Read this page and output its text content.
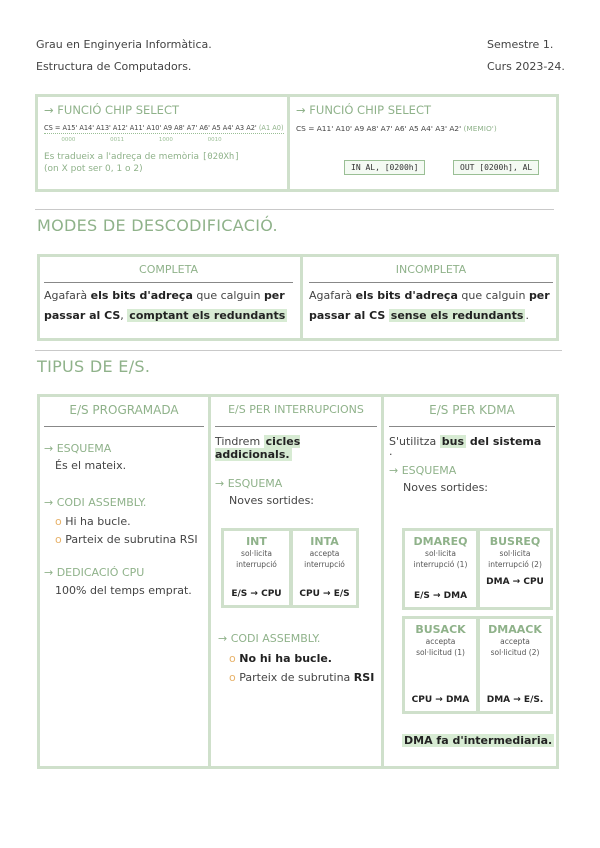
Grau en Enginyeria Informàtica.
Estructura de Computadors.
Semestre 1.
Curs 2023-24.
→ FUNCIÓ CHIP SELECT
CS = A15' A14' A13' A12' A11' A10' A9 A8' A7' A6' A5 A4' A3 A2' (A1 A0)
0000	0011	1000	0010
Es tradueix a l'adreça de memòria [020Xh]
(on X pot ser 0, 1 o 2)
→ FUNCIÓ CHIP SELECT
CS = A11' A10' A9 A8' A7' A6' A5 A4' A3' A2' (MEMIO')
IN AL, [0200h]	OUT [0200h], AL
MODES DE DESCODIFICACIÓ.
COMPLETA
Agafarà els bits d'adreça que calguin per passar al CS, comptant els redundants
INCOMPLETA
Agafarà els bits d'adreça que calguin per passar al CS sense els redundants .
TIPUS DE E/S.
E/S PROGRAMADA
→ ESQUEMA
És el mateix.
→ CODI ASSEMBLY.
o Hi ha bucle.
o Parteix de subrutina RSI
→ DEDICACIÓ CPU
100% del temps emprat.
E/S PER INTERRUPCIONS
Tindrem cicles addicionals.
→ ESQUEMA
Noves sortides:
INT
sol·licita
interrupció
E/S → CPU
INTA
accepta
interrupció
CPU → E/S
→ CODI ASSEMBLY.
o No hi ha bucle.
o Parteix de subrutina RSI
E/S PER KDMA
S'utilitza bus del sistema
.
→ ESQUEMA
Noves sortides:
DMAREQ
sol·licita
interrupció (1)
E/S → DMA
BUSREQ
sol·licita
interrupció (2)
DMA → CPU
BUSACK
accepta
sol·licitud (1)
CPU → DMA
DMAACK
accepta
sol·licitud (2)
DMA → E/S.
DMA fa d'intermediaria.
